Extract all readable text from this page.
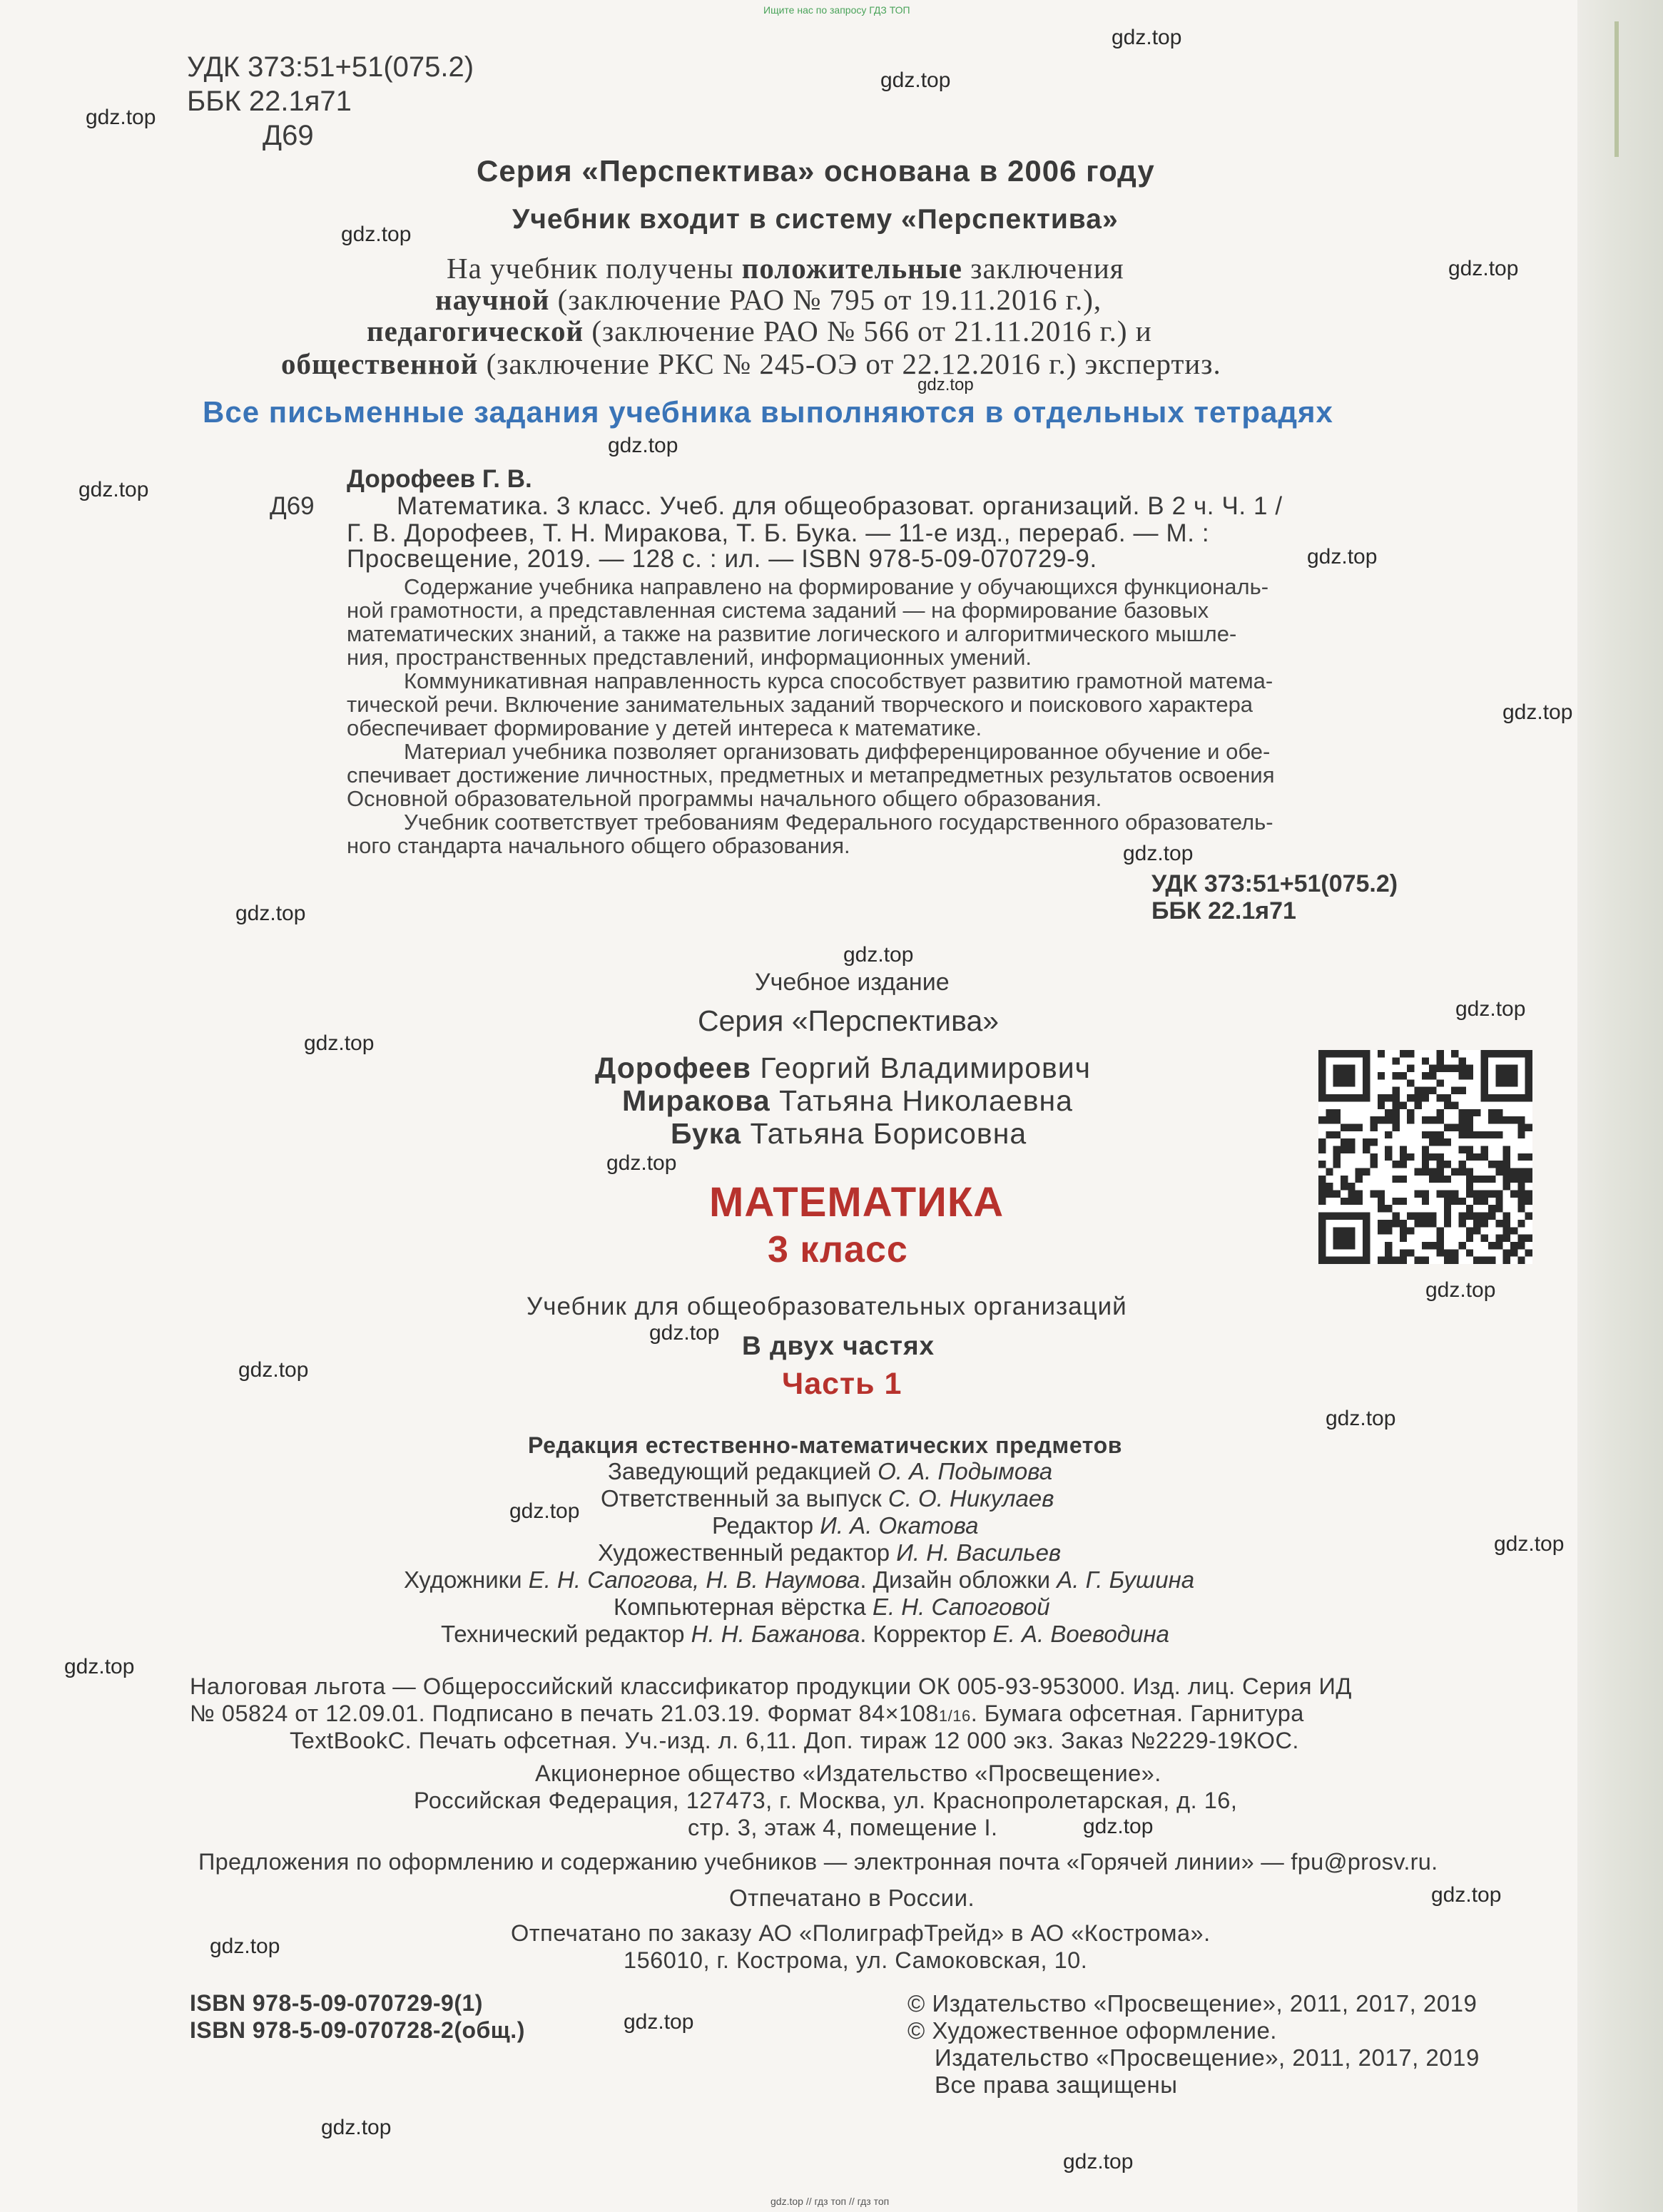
Ищите нас по запросу ГДЗ ТОП
gdz.top // гдз топ // гдз топ
УДК 373:51+51(075.2)
ББК 22.1я71
Д69
Серия «Перспектива» основана в 2006 году
Учебник входит в систему «Перспектива»
На учебник получены положительные заключения
научной (заключение РАО № 795 от 19.11.2016 г.),
педагогической (заключение РАО № 566 от 21.11.2016 г.) и
общественной (заключение РКС № 245-ОЭ от 22.12.2016 г.) экспертиз.
Все письменные задания учебника выполняются в отдельных тетрадях
Дорофеев Г. В.
Д69	Математика. 3 класс. Учеб. для общеобразоват. организаций. В 2 ч. Ч. 1 /
Г. В. Дорофеев, Т. Н. Миракова, Т. Б. Бука. — 11-е изд., перераб. — М. :
Просвещение, 2019. — 128 с. : ил. — ISBN 978-5-09-070729-9.

Содержание учебника направлено на формирование у обучающихся функциональ-

ной грамотности, а представленная система заданий — на формирование базовых

математических знаний, а также на развитие логического и алгоритмического мышле-

ния, пространственных представлений, информационных умений.

Коммуникативная направленность курса способствует развитию грамотной матема-

тической речи. Включение занимательных заданий творческого и поискового характера

обеспечивает формирование у детей интереса к математике.

Материал учебника позволяет организовать дифференцированное обучение и обе-

спечивает достижение личностных, предметных и метапредметных результатов освоения

Основной образовательной программы начального общего образования.

Учебник соответствует требованиям Федерального государственного образователь-

ного стандарта начального общего образования.

УДК 373:51+51(075.2)
ББК 22.1я71
Учебное издание
Серия «Перспектива»
Дорофеев Георгий Владимирович
Миракова Татьяна Николаевна
Бука Татьяна Борисовна
МАТЕМАТИКА
3 класс
Учебник для общеобразовательных организаций
В двух частях
Часть 1
Редакция естественно-математических предметов
Заведующий редакцией О. А. Подымова
Ответственный за выпуск С. О. Никулаев
Редактор И. А. Окатова
Художественный редактор И. Н. Васильев
Художники Е. Н. Сапогова, Н. В. Наумова. Дизайн обложки А. Г. Бушина
Компьютерная вёрстка Е. Н. Сапоговой
Технический редактор Н. Н. Бажанова. Корректор Е. А. Воеводина
Налоговая льгота — Общероссийский классификатор продукции ОК 005-93-953000. Изд. лиц. Серия ИД
№ 05824 от 12.09.01. Подписано в печать 21.03.19. Формат 84×1081/16. Бумага офсетная. Гарнитура
TextBookC. Печать офсетная. Уч.-изд. л. 6,11. Доп. тираж 12 000 экз. Заказ №2229-19КОС.
Акционерное общество «Издательство «Просвещение».
Российская Федерация, 127473, г. Москва, ул. Краснопролетарская, д. 16,
стр. 3, этаж 4, помещение I.
Предложения по оформлению и содержанию учебников — электронная почта «Горячей линии» — fpu@prosv.ru.
Отпечатано в России.
Отпечатано по заказу АО «ПолиграфТрейд» в АО «Кострома».
156010, г. Кострома, ул. Самоковская, 10.
ISBN 978-5-09-070729-9(1)
ISBN 978-5-09-070728-2(общ.)
© Издательство «Просвещение», 2011, 2017, 2019
© Художественное оформление.
Издательство «Просвещение», 2011, 2017, 2019
Все права защищены
gdz.top
gdz.top
gdz.top
gdz.top
gdz.top
gdz.top
gdz.top
gdz.top
gdz.top
gdz.top
gdz.top
gdz.top
gdz.top
gdz.top
gdz.top
gdz.top
gdz.top
gdz.top
gdz.top
gdz.top
gdz.top
gdz.top
gdz.top
gdz.top
gdz.top
gdz.top
gdz.top
gdz.top
gdz.top
